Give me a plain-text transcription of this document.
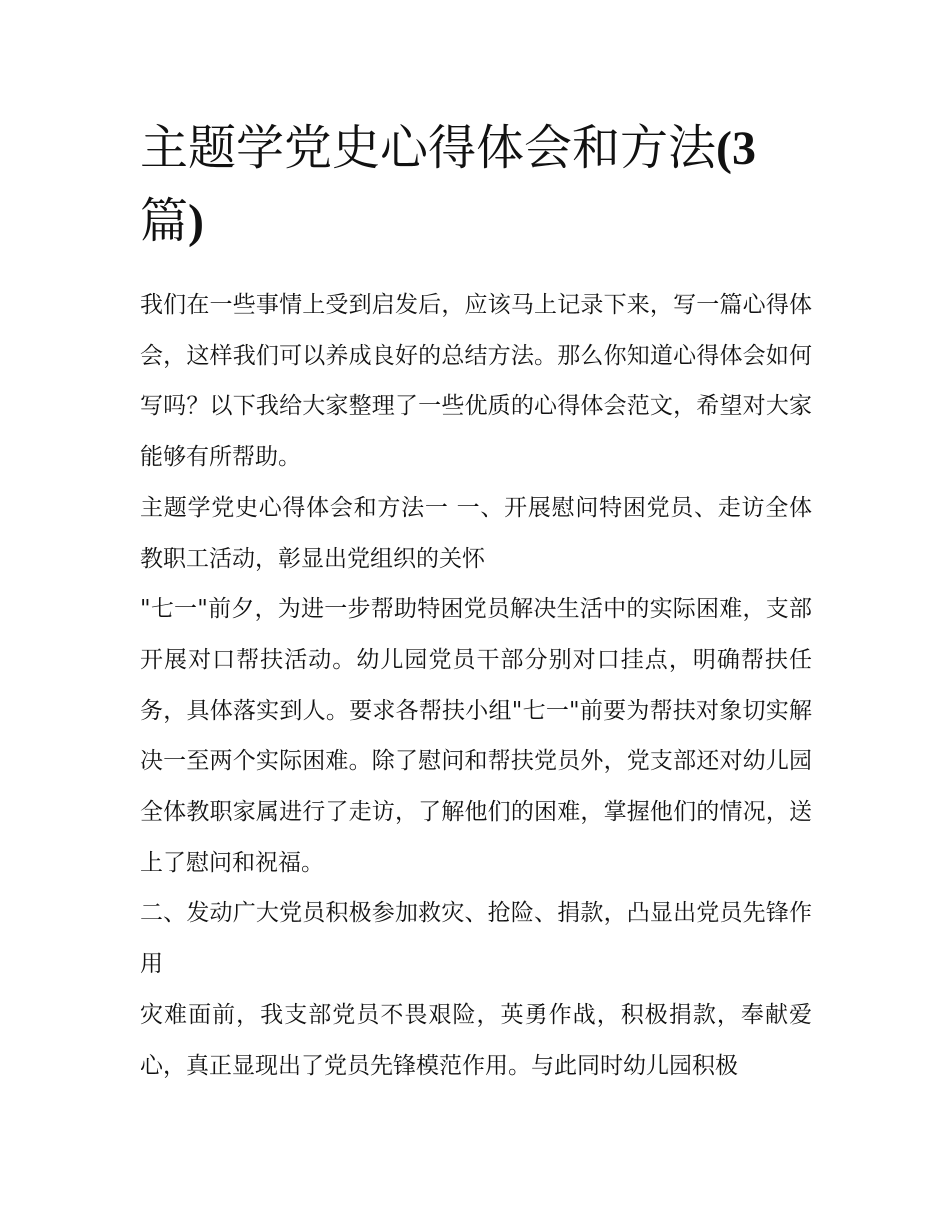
主题学党史心得体会和方法(3
篇)

我们在一些事情上受到启发后，应该马上记录下来，写一篇心得体会，这样我们可以养成良好的总结方法。那么你知道心得体会如何写吗？以下我给大家整理了一些优质的心得体会范文，希望对大家能够有所帮助。

主题学党史心得体会和方法一 一、开展慰问特困党员、走访全体教职工活动，彰显出党组织的关怀

"七一"前夕，为进一步帮助特困党员解决生活中的实际困难，支部开展对口帮扶活动。幼儿园党员干部分别对口挂点，明确帮扶任务，具体落实到人。要求各帮扶小组"七一"前要为帮扶对象切实解决一至两个实际困难。除了慰问和帮扶党员外，党支部还对幼儿园全体教职家属进行了走访，了解他们的困难，掌握他们的情况，送上了慰问和祝福。

二、发动广大党员积极参加救灾、抢险、捐款，凸显出党员先锋作用

灾难面前，我支部党员不畏艰险，英勇作战，积极捐款，奉献爱心，真正显现出了党员先锋模范作用。与此同时幼儿园积极
